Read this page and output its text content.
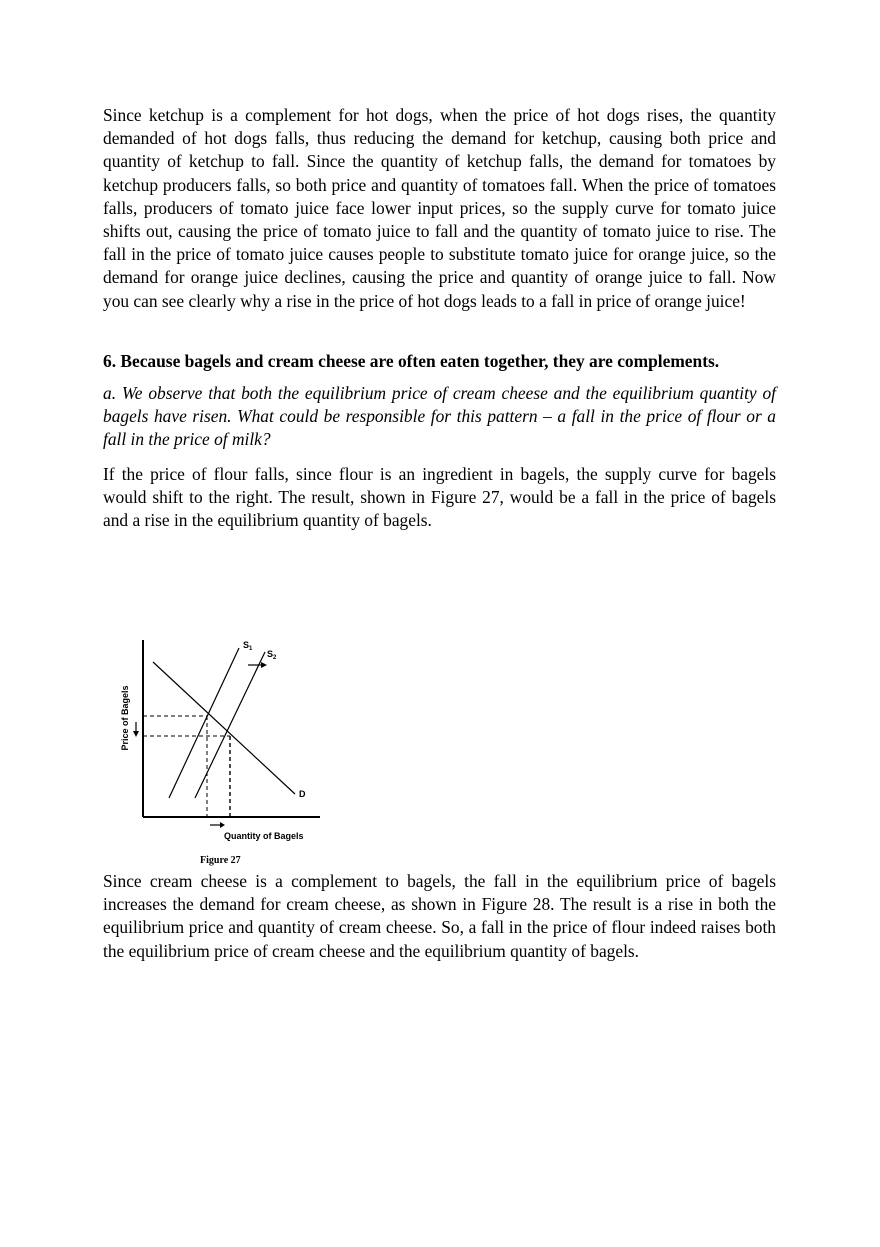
Since ketchup is a complement for hot dogs, when the price of hot dogs rises, the quantity demanded of hot dogs falls, thus reducing the demand for ketchup, causing both price and quantity of ketchup to fall. Since the quantity of ketchup falls, the demand for tomatoes by ketchup producers falls, so both price and quantity of tomatoes fall. When the price of tomatoes falls, producers of tomato juice face lower input prices, so the supply curve for tomato juice shifts out, causing the price of tomato juice to fall and the quantity of tomato juice to rise. The fall in the price of tomato juice causes people to substitute tomato juice for orange juice, so the demand for orange juice declines, causing the price and quantity of orange juice to fall. Now you can see clearly why a rise in the price of hot dogs leads to a fall in price of orange juice!

6. Because bagels and cream cheese are often eaten together, they are complements.

a. We observe that both the equilibrium price of cream cheese and the equilibrium quantity of bagels have risen. What could be responsible for this pattern – a fall in the price of flour or a fall in the price of milk?

If the price of flour falls, since flour is an ingredient in bagels, the supply curve for bagels would shift to the right. The result, shown in Figure 27, would be a fall in the price of bagels and a rise in the equilibrium quantity of bagels.

Price of Bagels
$S_1$ $S_2$
D
Quantity of Bagels
Figure 27

Since cream cheese is a complement to bagels, the fall in the equilibrium price of bagels increases the demand for cream cheese, as shown in Figure 28. The result is a rise in both the equilibrium price and quantity of cream cheese. So, a fall in the price of flour indeed raises both the equilibrium price of cream cheese and the equilibrium quantity of bagels.
